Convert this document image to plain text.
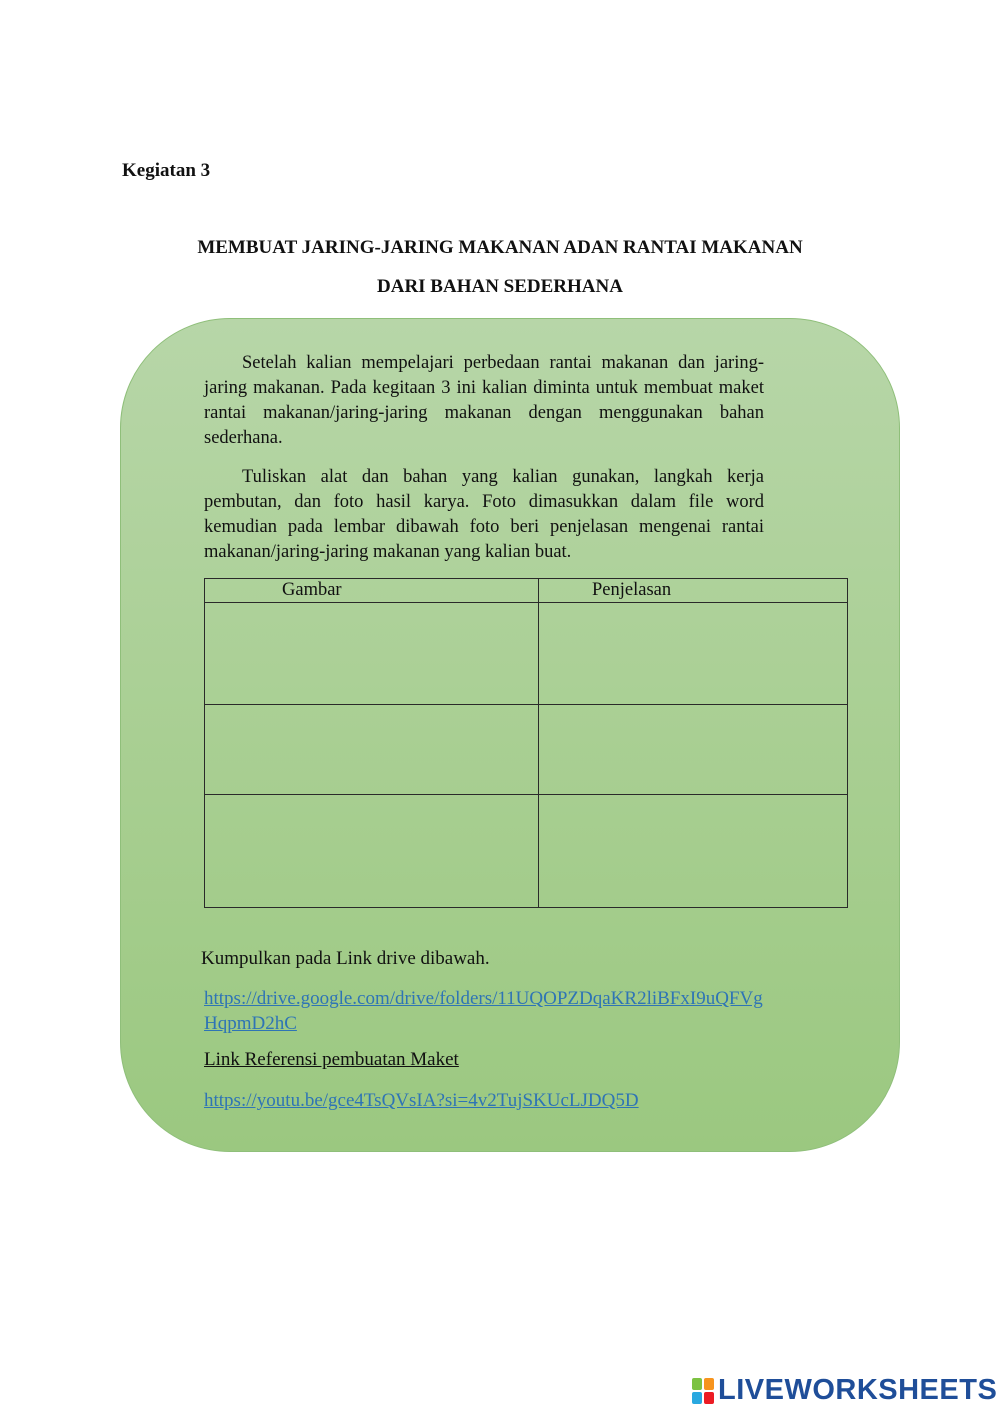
Kegiatan 3
MEMBUAT JARING-JARING MAKANAN ADAN RANTAI MAKANAN
DARI BAHAN SEDERHANA

Setelah kalian mempelajari perbedaan rantai makanan dan jaring-jaring makanan. Pada kegitaan 3 ini kalian diminta untuk membuat maket rantai makanan/jaring-jaring makanan dengan menggunakan bahan sederhana.

Tuliskan alat dan bahan yang kalian gunakan, langkah kerja pembutan, dan foto hasil karya. Foto dimasukkan dalam file word kemudian pada lembar dibawah foto beri penjelasan mengenai rantai makanan/jaring-jaring makanan yang kalian buat.

Gambar	Penjelasan

Kumpulkan pada Link drive dibawah.

https://drive.google.com/drive/folders/11UQOPZDqaKR2liBFxI9uQFVgHqpmD2hC

Link Referensi pembuatan Maket

https://youtu.be/gce4TsQVsIA?si=4v2TujSKUcLJDQ5D
LIVEWORKSHEETS
